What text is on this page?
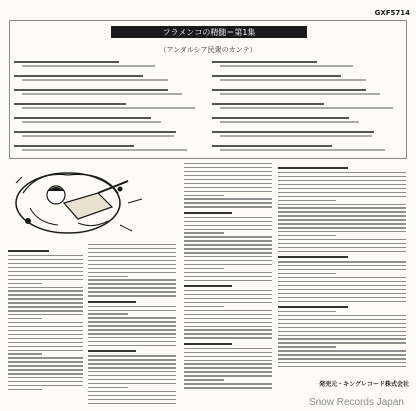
GXF5714
フラメンコの精髄＝第1集
（アンダルシア民衆のカンテ）
発売元・キングレコード株式会社
Snow Records Japan
